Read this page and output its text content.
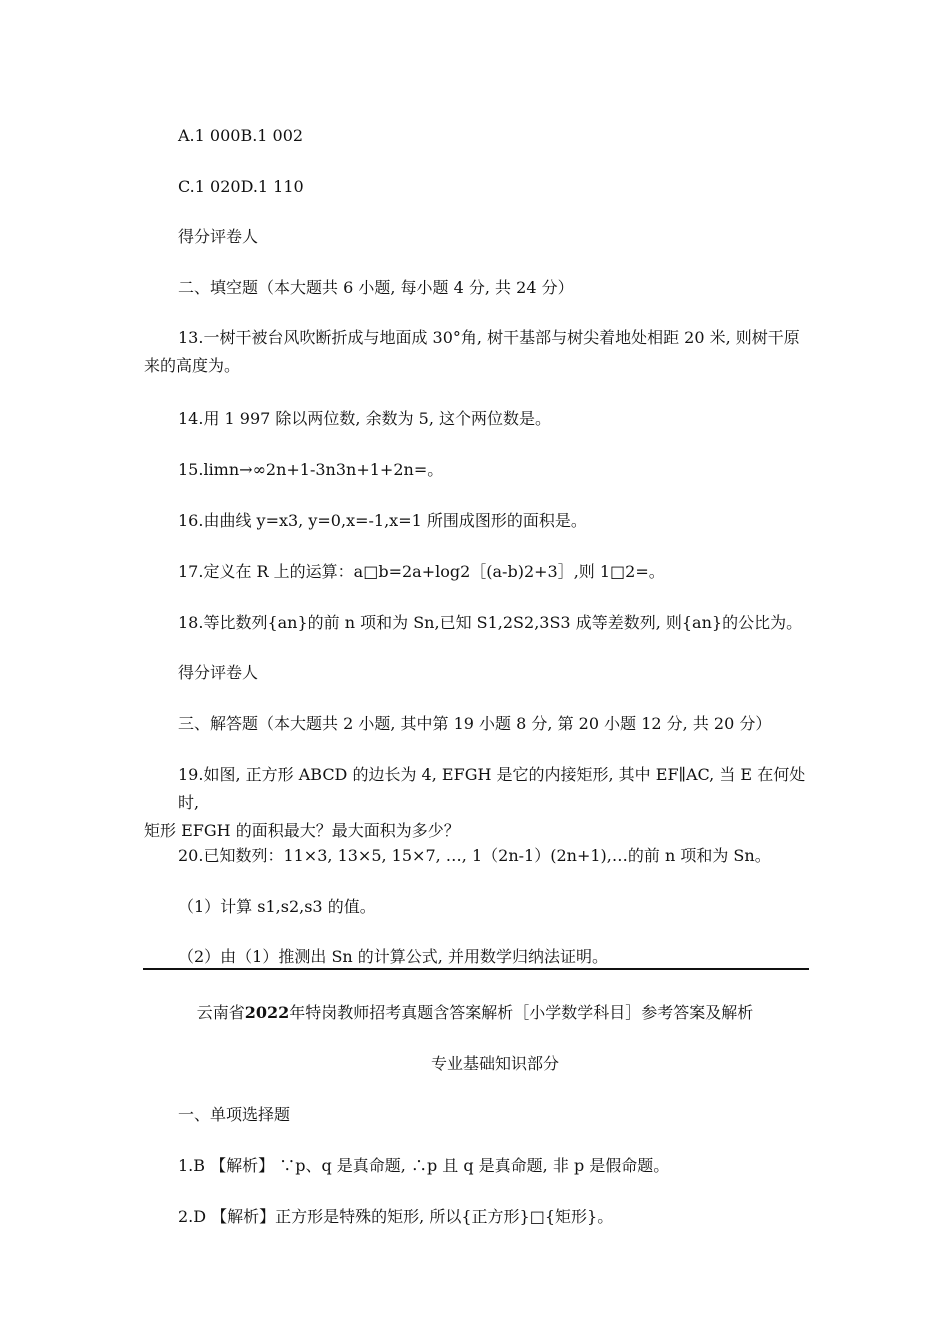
A.1 000B.1 002
C.1 020D.1 110
得分评卷人
二、填空题（本大题共 6 小题, 每小题 4 分, 共 24 分）
13.一树干被台风吹断折成与地面成 30°角, 树干基部与树尖着地处相距 20 米, 则树干原
来的高度为。
14.用 1 997 除以两位数, 余数为 5, 这个两位数是。
15.limn→∞2n+1-3n3n+1+2n=。
16.由曲线 y=x3, y=0,x=-1,x=1 所围成图形的面积是。
17.定义在 R 上的运算：a□b=2a+log2［(a-b)2+3］,则 1□2=。
18.等比数列{an}的前 n 项和为 Sn,已知 S1,2S2,3S3 成等差数列, 则{an}的公比为。
得分评卷人
三、解答题（本大题共 2 小题, 其中第 19 小题 8 分, 第 20 小题 12 分, 共 20 分）
19.如图, 正方形 ABCD 的边长为 4, EFGH 是它的内接矩形, 其中 EF∥AC, 当 E 在何处时,
矩形 EFGH 的面积最大？最大面积为多少？
20.已知数列：11×3, 13×5, 15×7, …, 1（2n-1）(2n+1),…的前 n 项和为 Sn。
（1）计算 s1,s2,s3 的值。
（2）由（1）推测出 Sn 的计算公式, 并用数学归纳法证明。
云南省2022年特岗教师招考真题含答案解析［小学数学科目］参考答案及解析
专业基础知识部分
一、单项选择题
1.B 【解析】 ∵p、q 是真命题, ∴p 且 q 是真命题, 非 p 是假命题。
2.D 【解析】正方形是特殊的矩形, 所以{正方形}□{矩形}。
